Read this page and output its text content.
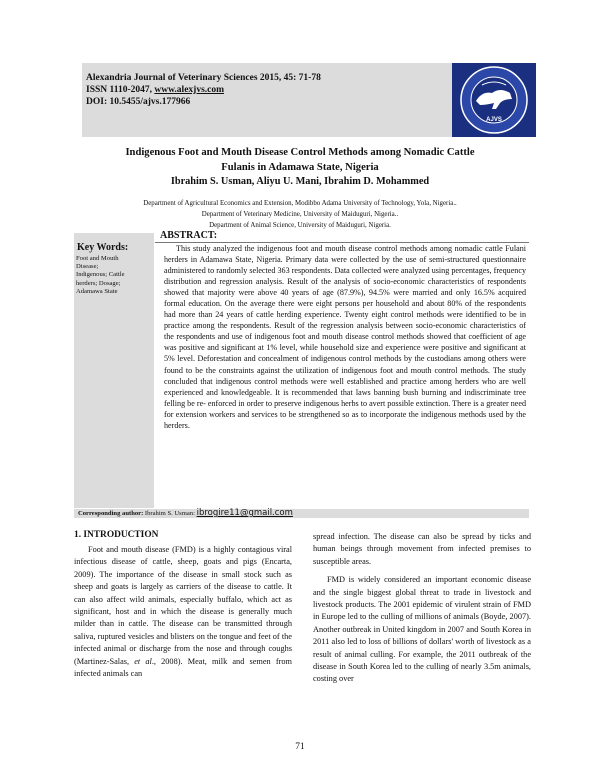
Alexandria Journal of Veterinary Sciences 2015, 45: 71-78
ISSN 1110-2047, www.alexjvs.com
DOI: 10.5455/ajvs.177966
AJVS
Indigenous Foot and Mouth Disease Control Methods among Nomadic Cattle
Fulanis in Adamawa State, Nigeria
Ibrahim S. Usman, Aliyu U. Mani, Ibrahim D. Mohammed
Department of Agricultural Economics and Extension, Modibbo Adama University of Technology, Yola, Nigeria..
Department of Veterinary Medicine, University of Maiduguri, Nigeria..
Department of Animal Science, University of Maiduguri, Nigeria.
Key Words:
Foot and Mouth
Disease;
Indigenous; Cattle
herders; Dosage;
Adamawa State
ABSTRACT:

This study analyzed the indigenous foot and mouth disease control methods among nomadic cattle Fulani herders in Adamawa State, Nigeria. Primary data were collected by the use of semi-structured questionnaire administered to randomly selected 363 respondents. Data collected were analyzed using percentages, frequency distribution and regression analysis. Result of the analysis of socio-economic characteristics of respondents showed that majority were above 40 years of age (87.9%), 94.5% were married and only 16.5% acquired formal education. On the average there were eight persons per household and about 80% of the respondents had more than 24 years of cattle herding experience. Twenty eight control methods were identified to be in practice among the respondents. Result of the regression analysis between socio-economic characteristics of the respondents and use of indigenous foot and mouth disease control methods showed that coefficient of age was positive and significant at 1% level, while household size and experience were positive and significant at 5% level. Deforestation and concealment of indigenous control methods by the custodians among others were found to be the constraints against the utilization of indigenous foot and mouth control methods. The study concluded that indigenous control methods were well established and practice among herders who are well experienced and knowledgeable. It is recommended that laws banning bush burning and indiscriminate tree felling be re- enforced in order to preserve indigenous herbs to avert possible extinction. There is a greater need for extension workers and services to be strengthened so as to incorporate the indigenous methods used by the herders.

Corresponding author: Ibrahim S. Usman: ibrogire11@gmail.com
1. INTRODUCTION

Foot and mouth disease (FMD) is a highly contagious viral infectious disease of cattle, sheep, goats and pigs (Encarta, 2009). The importance of the disease in small stock such as sheep and goats is largely as carriers of the disease to cattle. It can also affect wild animals, especially buffalo, which act as significant, host and in which the disease is generally much milder than in cattle. The disease can be transmitted through saliva, ruptured vesicles and blisters on the tongue and feet of the infected animal or discharge from the nose and through coughs (Martinez-Salas, et al., 2008). Meat, milk and semen from infected animals can

spread infection. The disease can also be spread by ticks and human beings through movement from infected premises to susceptible areas.

FMD is widely considered an important economic disease and the single biggest global threat to trade in livestock and livestock products. The 2001 epidemic of virulent strain of FMD in Europe led to the culling of millions of animals (Boyde, 2007). Another outbreak in United kingdom in 2007 and South Korea in 2011 also led to loss of billions of dollars' worth of livestock as a result of animal culling. For example, the 2011 outbreak of the disease in South Korea led to the culling of nearly 3.5m animals, costing over

71
